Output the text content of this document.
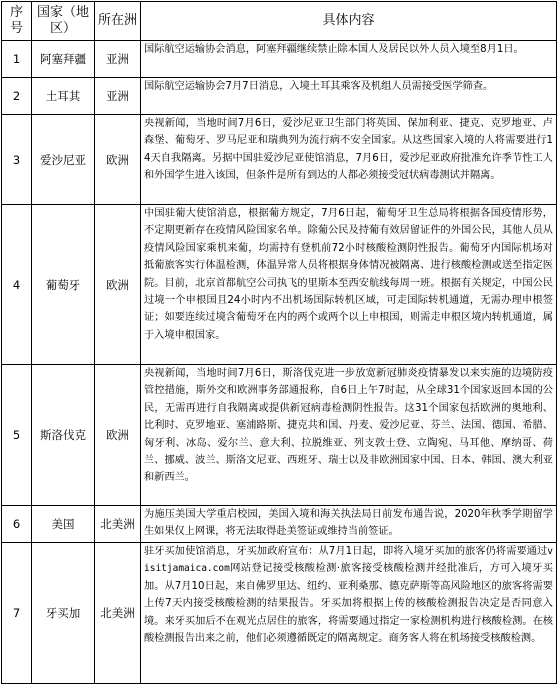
序号	国家（地区）	所在洲	具体内容
1	阿塞拜疆	亚洲	国际航空运输协会消息，阿塞拜疆继续禁止除本国人及居民以外人员入境至8月1日。
2	土耳其	亚洲	国际航空运输协会7月7日消息，入境土耳其乘客及机组人员需接受医学筛查。
3	爱沙尼亚	欧洲	央视新闻，当地时间7月6日，爱沙尼亚卫生部门将英国、保加利亚、捷克、克罗地亚、卢森堡、葡萄牙、罗马尼亚和瑞典列为流行病不安全国家。从这些国家入境的人将需要进行14天自我隔离。另据中国驻爱沙尼亚使馆消息，7月6日，爱沙尼亚政府批准允许季节性工人和外国学生进入该国，但条件是所有到达的人都必须接受冠状病毒测试并隔离。
4	葡萄牙	欧洲	中国驻葡大使馆消息，根据葡方规定，7月6日起，葡萄牙卫生总局将根据各国疫情形势，不定期更新存在疫情风险国家名单。除葡公民及持葡有效居留证件的外国公民，其他人员从疫情风险国家乘机来葡，均需持有登机前72小时核酸检测阴性报告。葡萄牙内国际机场对抵葡旅客实行体温检测，体温异常人员将根据身体情况被隔离、进行核酸检测或送至指定医院。目前，北京首都航空公司执飞的里斯本至西安航线每周一班。根据有关规定，中国公民过境一个申根国且24小时内不出机场国际转机区域，可走国际转机通道，无需办理申根签证；如要连续过境含葡萄牙在内的两个或两个以上申根国，则需走申根区境内转机通道，属于入境申根国家。
5	斯洛伐克	欧洲	央视新闻，当地时间7月6日，斯洛伐克进一步放宽新冠肺炎疫情暴发以来实施的边境防疫管控措施，斯外交和欧洲事务部通报称，自6日上午7时起，从全球31个国家返回本国的公民，无需再进行自我隔离或提供新冠病毒检测阴性报告。这31个国家包括欧洲的奥地利、比利时、克罗地亚、塞浦路斯、捷克共和国、丹麦、爱沙尼亚、芬兰、法国、德国、希腊、匈牙利、冰岛、爱尔兰、意大利、拉脱维亚、列支敦士登、立陶宛、马耳他、摩纳哥、荷兰、挪威、波兰、斯洛文尼亚、西班牙、瑞士以及非欧洲国家中国、日本、韩国、澳大利亚和新西兰。
6	美国	北美洲	为施压美国大学重启校园，美国入境和海关执法局日前发布通告说，2020年秋季学期留学生如果仅上网课，将无法取得赴美签证或维持当前签证。
7	牙买加	北美洲	驻牙买加使馆消息，牙买加政府宣布：从7月1日起，即将入境牙买加的旅客仍将需要通过visitjamaica.com网站登记接受核酸检测·旅客接受核酸检测并经批准后，方可入境牙买加。从7月10日起，来自佛罗里达、纽约、亚利桑那、德克萨斯等高风险地区的旅客将需要上传7天内接受核酸检测的结果报告。牙买加将根据上传的核酸检测报告决定是否同意入境。来牙买加后不在观光点居住的旅客，将需要通过指定一家检测机构进行核酸检测。在核酸检测报告出来之前，他们必须遵循既定的隔离规定。商务客人将在机场接受核酸检测。
